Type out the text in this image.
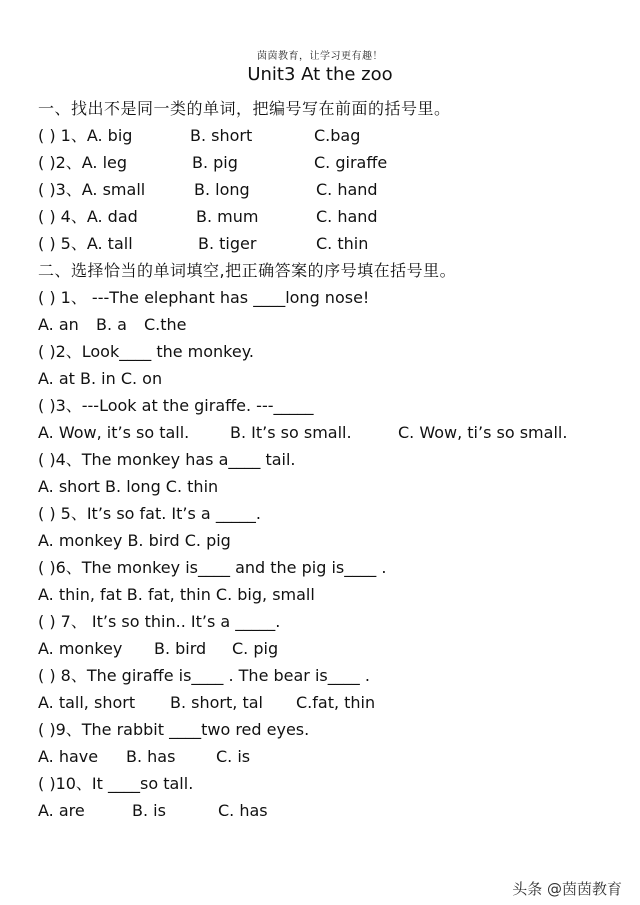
茵茵教育，让学习更有趣！
Unit3 At the zoo
一、找出不是同一类的单词，把编号写在前面的括号里。
( ) 1、A. big	B. short	C.bag
( )2、A. leg	B. pig	C. giraffe
( )3、A. small	B. long	C. hand
( ) 4、A. dad	B. mum	C. hand
( ) 5、A. tall	B. tiger	C. thin
二、选择恰当的单词填空,把正确答案的序号填在括号里。
( ) 1、 ---The elephant has ____long nose!
A. an B. a C.the
( )2、Look____ the monkey.
A. at B. in C. on
( )3、---Look at the giraffe. ---_____
A. Wow, it’s so tall.	B. It’s so small.	C. Wow, ti’s so small.
( )4、The monkey has a____ tail.
A. short B. long C. thin
( ) 5、It’s so fat. It’s a _____.
A. monkey B. bird C. pig
( )6、The monkey is____ and the pig is____ .
A. thin, fat B. fat, thin C. big, small
( ) 7、 It’s so thin.. It’s a _____.
A. monkey B. bird C. pig
( ) 8、The giraffe is____ . The bear is____ .
A. tall, short B. short, tal C.fat, thin
( )9、The rabbit ____two red eyes.
A. have B. has	C. is
( )10、It ____so tall.
A. are	B. is	C. has
头条 @茵茵教育
